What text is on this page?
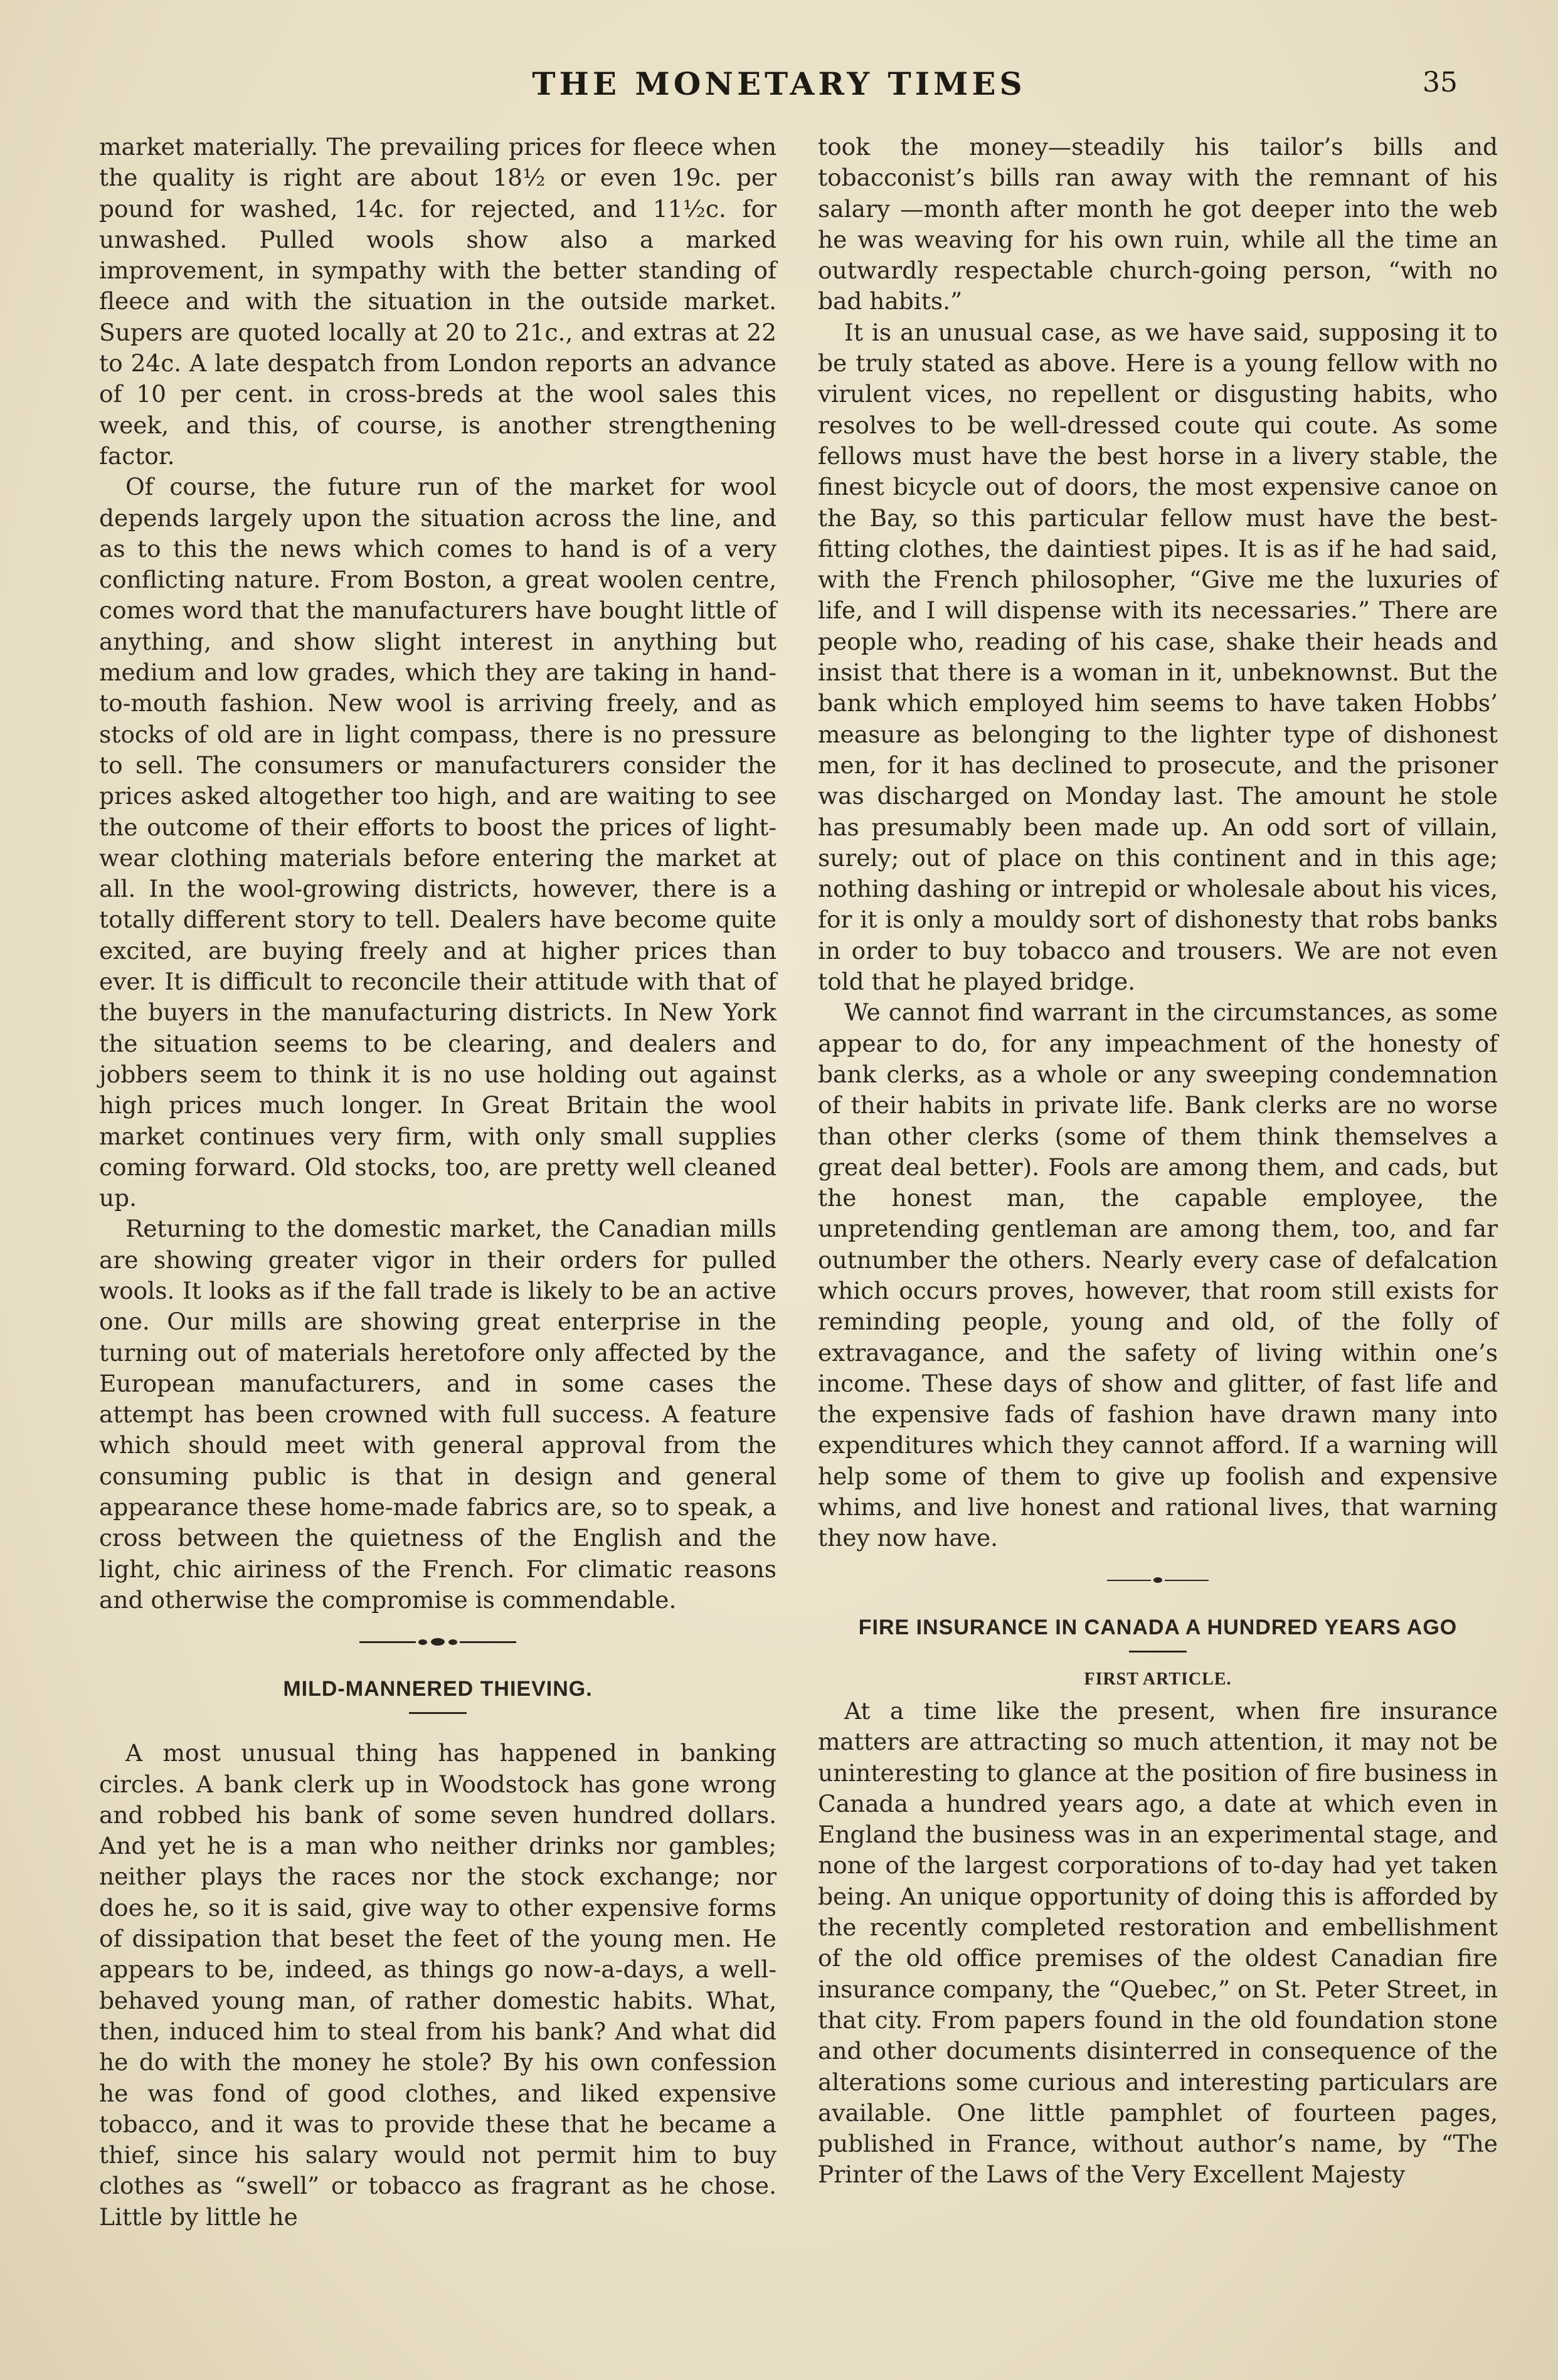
THE MONETARY TIMES	35

market materially. The prevailing prices for fleece when the quality is right are about 18½ or even 19c. per pound for washed, 14c. for rejected, and 11½c. for unwashed. Pulled wools show also a marked improvement, in sympathy with the better standing of fleece and with the situation in the outside market. Supers are quoted locally at 20 to 21c., and extras at 22 to 24c. A late despatch from London reports an advance of 10 per cent. in cross-breds at the wool sales this week, and this, of course, is another strengthening factor.

Of course, the future run of the market for wool depends largely upon the situation across the line, and as to this the news which comes to hand is of a very conflicting nature. From Boston, a great woolen centre, comes word that the manufacturers have bought little of anything, and show slight interest in anything but medium and low grades, which they are taking in hand-to-mouth fashion. New wool is arriving freely, and as stocks of old are in light compass, there is no pressure to sell. The consumers or manufacturers consider the prices asked altogether too high, and are waiting to see the outcome of their efforts to boost the prices of light-wear clothing materials before entering the market at all. In the wool-growing districts, however, there is a totally different story to tell. Dealers have become quite excited, are buying freely and at higher prices than ever. It is difficult to reconcile their attitude with that of the buyers in the manufacturing districts. In New York the situation seems to be clearing, and dealers and jobbers seem to think it is no use holding out against high prices much longer. In Great Britain the wool market continues very firm, with only small supplies coming forward. Old stocks, too, are pretty well cleaned up.

Returning to the domestic market, the Canadian mills are showing greater vigor in their orders for pulled wools. It looks as if the fall trade is likely to be an active one. Our mills are showing great enterprise in the turning out of materials heretofore only affected by the European manufacturers, and in some cases the attempt has been crowned with full success. A feature which should meet with general approval from the consuming public is that in design and general appearance these home-made fabrics are, so to speak, a cross between the quietness of the English and the light, chic airiness of the French. For climatic reasons and otherwise the compromise is commendable.

MILD-MANNERED THIEVING.

A most unusual thing has happened in banking circles. A bank clerk up in Woodstock has gone wrong and robbed his bank of some seven hundred dollars. And yet he is a man who neither drinks nor gambles; neither plays the races nor the stock exchange; nor does he, so it is said, give way to other expensive forms of dissipation that beset the feet of the young men. He appears to be, indeed, as things go now-a-days, a well-behaved young man, of rather domestic habits. What, then, induced him to steal from his bank? And what did he do with the money he stole? By his own confession he was fond of good clothes, and liked expensive tobacco, and it was to provide these that he became a thief, since his salary would not permit him to buy clothes as “swell” or tobacco as fragrant as he chose. Little by little he

took the money—steadily his tailor’s bills and tobacconist’s bills ran away with the remnant of his salary —month after month he got deeper into the web he was weaving for his own ruin, while all the time an outwardly respectable church-going person, “with no bad habits.”

It is an unusual case, as we have said, supposing it to be truly stated as above. Here is a young fellow with no virulent vices, no repellent or disgusting habits, who resolves to be well-dressed coute qui coute. As some fellows must have the best horse in a livery stable, the finest bicycle out of doors, the most expensive canoe on the Bay, so this particular fellow must have the best-fitting clothes, the daintiest pipes. It is as if he had said, with the French philosopher, “Give me the luxuries of life, and I will dispense with its necessaries.” There are people who, reading of his case, shake their heads and insist that there is a woman in it, unbeknownst. But the bank which employed him seems to have taken Hobbs’ measure as belonging to the lighter type of dishonest men, for it has declined to prosecute, and the prisoner was discharged on Monday last. The amount he stole has presumably been made up. An odd sort of villain, surely; out of place on this continent and in this age; nothing dashing or intrepid or wholesale about his vices, for it is only a mouldy sort of dishonesty that robs banks in order to buy tobacco and trousers. We are not even told that he played bridge.

We cannot find warrant in the circumstances, as some appear to do, for any impeachment of the honesty of bank clerks, as a whole or any sweeping condemnation of their habits in private life. Bank clerks are no worse than other clerks (some of them think themselves a great deal better). Fools are among them, and cads, but the honest man, the capable employee, the unpretending gentleman are among them, too, and far outnumber the others. Nearly every case of defalcation which occurs proves, however, that room still exists for reminding people, young and old, of the folly of extravagance, and the safety of living within one’s income. These days of show and glitter, of fast life and the expensive fads of fashion have drawn many into expenditures which they cannot afford. If a warning will help some of them to give up foolish and expensive whims, and live honest and rational lives, that warning they now have.

FIRE INSURANCE IN CANADA A HUNDRED YEARS AGO
FIRST ARTICLE.

At a time like the present, when fire insurance matters are attracting so much attention, it may not be uninteresting to glance at the position of fire business in Canada a hundred years ago, a date at which even in England the business was in an experimental stage, and none of the largest corporations of to-day had yet taken being. An unique opportunity of doing this is afforded by the recently completed restoration and embellishment of the old office premises of the oldest Canadian fire insurance company, the “Quebec,” on St. Peter Street, in that city. From papers found in the old foundation stone and other documents disinterred in consequence of the alterations some curious and interesting particulars are available. One little pamphlet of fourteen pages, published in France, without author’s name, by “The Printer of the Laws of the Very Excellent Majesty
